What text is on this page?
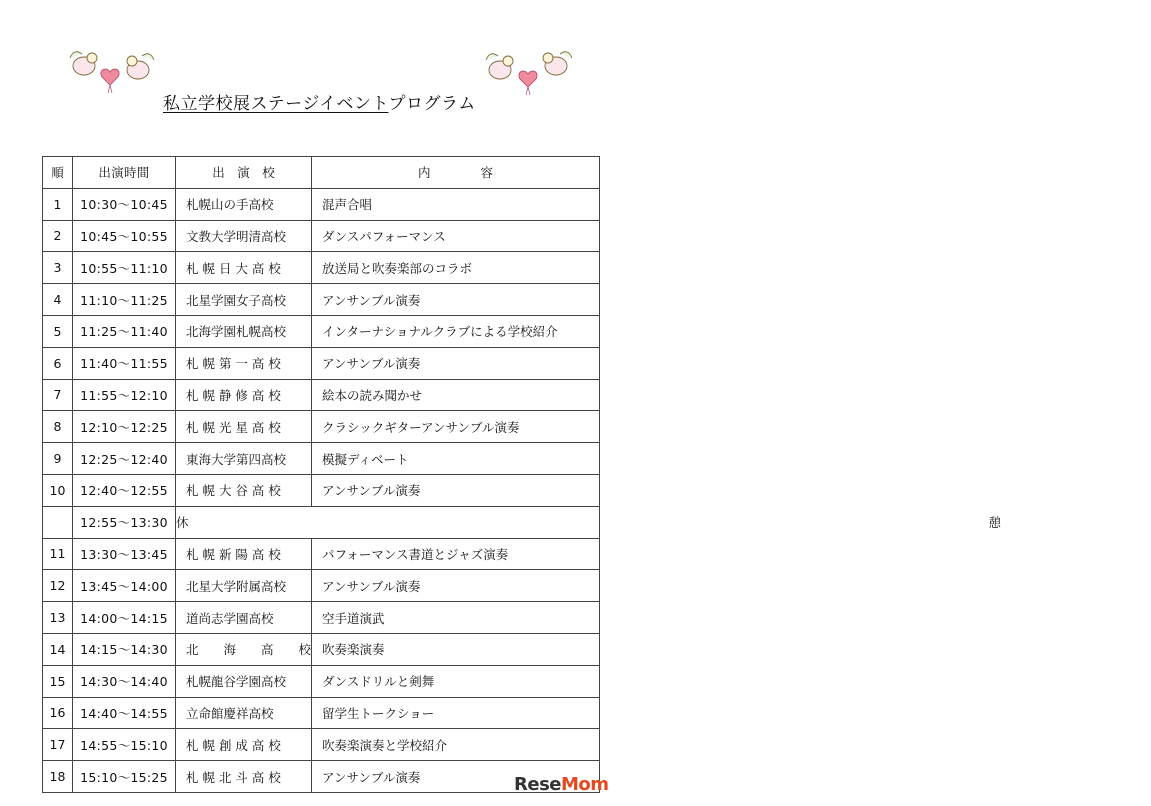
私立学校展ステージイベントプログラム
順	出演時間	出　演　校	内　　　　容
1	10:30～10:45	札幌山の手高校	混声合唱
2	10:45～10:55	文教大学明清高校	ダンスパフォーマンス
3	10:55～11:10	札 幌 日 大 高 校	放送局と吹奏楽部のコラボ
4	11:10～11:25	北星学園女子高校	アンサンブル演奏
5	11:25～11:40	北海学園札幌高校	インターナショナルクラブによる学校紹介
6	11:40～11:55	札 幌 第 一 高 校	アンサンブル演奏
7	11:55～12:10	札 幌 静 修 高 校	絵本の読み聞かせ
8	12:10～12:25	札 幌 光 星 高 校	クラシックギターアンサンブル演奏
9	12:25～12:40	東海大学第四高校	模擬ディベート
10	12:40～12:55	札 幌 大 谷 高 校	アンサンブル演奏
	12:55～13:30	休　　　　憩	
11	13:30～13:45	札 幌 新 陽 高 校	パフォーマンス書道とジャズ演奏
12	13:45～14:00	北星大学附属高校	アンサンブル演奏
13	14:00～14:15	道尚志学園高校	空手道演武
14	14:15～14:30	北　　海　　高　　校	吹奏楽演奏
15	14:30～14:40	札幌龍谷学園高校	ダンスドリルと剣舞
16	14:40～14:55	立命館慶祥高校	留学生トークショー
17	14:55～15:10	札 幌 創 成 高 校	吹奏楽演奏と学校紹介
18	15:10～15:25	札 幌 北 斗 高 校	アンサンブル演奏	ReseMom
